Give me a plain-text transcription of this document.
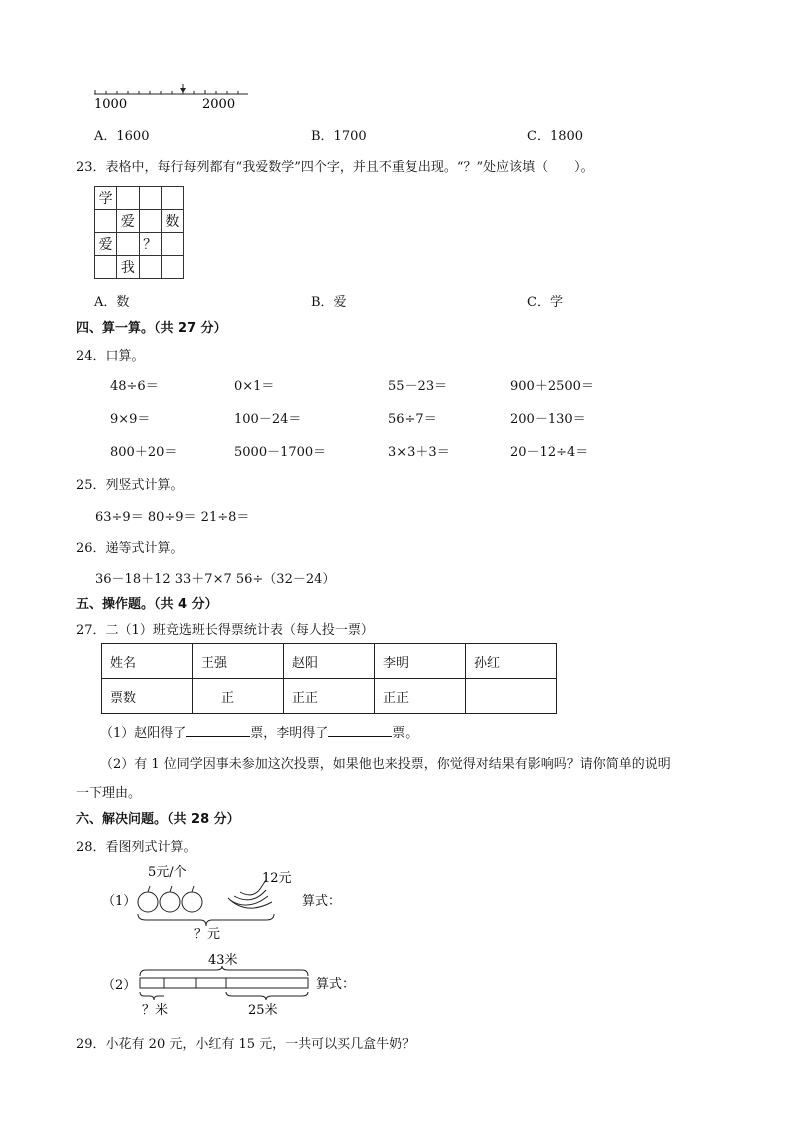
1000	2000
A．1600	B．1700	C．1800
23．表格中，每行每列都有“我爱数学”四个字，并且不重复出现。“？”处应该填（　　）。
学			
	爱		数
爱		？	
	我		
A．数	B．爱	C．学
四、算一算。（共 27 分）
24．口算。
48÷6＝	0×1＝	55－23＝	900＋2500＝
9×9＝	100－24＝	56÷7＝	200－130＝
800＋20＝	5000－1700＝	3×3＋3＝	20－12÷4＝
25．列竖式计算。
63÷9＝ 80÷9＝ 21÷8＝
26．递等式计算。
36－18＋12 33＋7×7 56÷（32－24）
五、操作题。（共 4 分）
27．二（1）班竞选班长得票统计表（每人投一票）
姓名	王强	赵阳	李明	孙红
票数	正	正正	正正	
（1）赵阳得了	票，李明得了	票。
（2）有 1 位同学因事未参加这次投票，如果他也来投票，你觉得对结果有影响吗？请你简单的说明
一下理由。
六、解决问题。（共 28 分）
28．看图列式计算。
（1）
5元/个	12元
？元
算式：
（2）
43米
？米	25米
算式：
29．小花有 20 元，小红有 15 元，一共可以买几盒牛奶？
